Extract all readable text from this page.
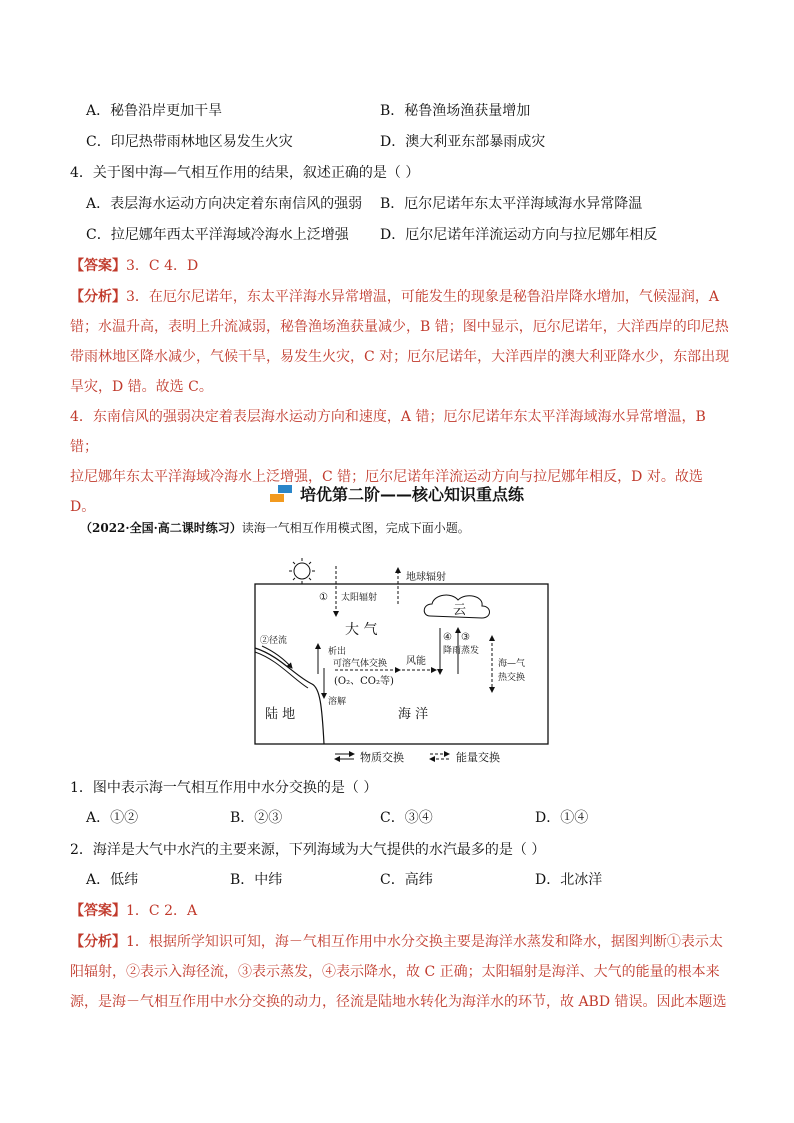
A．秘鲁沿岸更加干旱	B．秘鲁渔场渔获量增加
C．印尼热带雨林地区易发生火灾	D．澳大利亚东部暴雨成灾
4．关于图中海—气相互作用的结果，叙述正确的是（ ）
A．表层海水运动方向决定着东南信风的强弱 B．厄尔尼诺年东太平洋海域海水异常降温
C．拉尼娜年西太平洋海域冷海水上泛增强 D．厄尔尼诺年洋流运动方向与拉尼娜年相反
【答案】3．C 4．D
【分析】3．在厄尔尼诺年，东太平洋海水异常增温，可能发生的现象是秘鲁沿岸降水增加，气候湿润，A
错；水温升高，表明上升流减弱，秘鲁渔场渔获量减少，B 错；图中显示，厄尔尼诺年，大洋西岸的印尼热
带雨林地区降水减少，气候干旱，易发生火灾，C 对；厄尔尼诺年，大洋西岸的澳大利亚降水少，东部出现
旱灾，D 错。故选 C。
4．东南信风的强弱决定着表层海水运动方向和速度，A 错；厄尔尼诺年东太平洋海域海水异常增温，B 错；
拉尼娜年东太平洋海域冷海水上泛增强，C 错；厄尔尼诺年洋流运动方向与拉尼娜年相反，D 对。故选 D。
培优第二阶——核心知识重点练
（2022·全国·高二课时练习）读海一气相互作用模式图，完成下面小题。
① 太阳辐射
地球辐射
云
大 气
②径流
析出
溶解
可溶气体交换
(O₂、CO₂等)
风能
④
降雨
③
蒸发
海—气
热交换
陆 地	海 洋
物质交换	能量交换
1．图中表示海一气相互作用中水分交换的是（ ）
A．①②	B．②③	C．③④	D．①④
2．海洋是大气中水汽的主要来源，下列海域为大气提供的水汽最多的是（ ）
A．低纬	B．中纬	C．高纬	D．北冰洋
【答案】1．C 2．A
【分析】1．根据所学知识可知，海－气相互作用中水分交换主要是海洋水蒸发和降水，据图判断①表示太
阳辐射，②表示入海径流，③表示蒸发，④表示降水，故 C 正确；太阳辐射是海洋、大气的能量的根本来
源，是海－气相互作用中水分交换的动力，径流是陆地水转化为海洋水的环节，故 ABD 错误。因此本题选
